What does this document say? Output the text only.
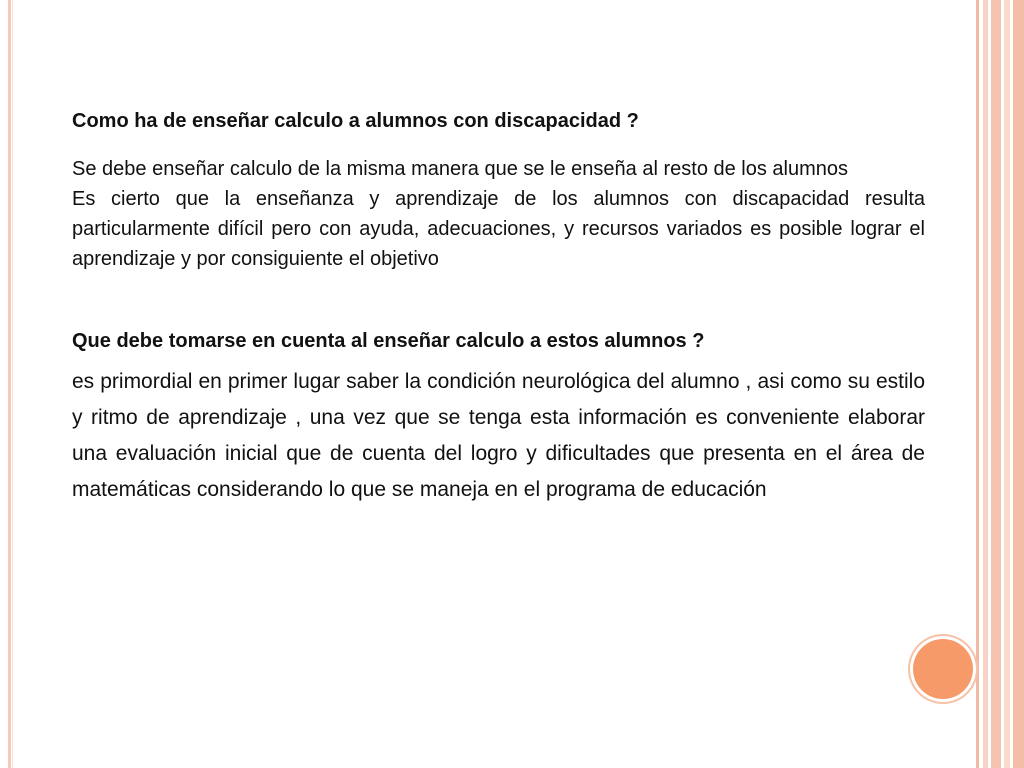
Como ha de enseñar calculo a alumnos con discapacidad ?

Se debe enseñar calculo de la misma manera que se le enseña al resto de los alumnos

Es cierto que la enseñanza y aprendizaje de los alumnos con discapacidad resulta particularmente difícil pero con ayuda, adecuaciones, y recursos variados es posible lograr el aprendizaje y por consiguiente el objetivo

Que debe tomarse en cuenta al enseñar calculo a estos alumnos ?

es primordial en primer lugar saber la condición neurológica del alumno , asi como su estilo y ritmo de aprendizaje , una vez que se tenga esta información es conveniente elaborar una evaluación inicial que de cuenta del logro y dificultades que presenta en el área de matemáticas considerando lo que se maneja en el programa de educación
